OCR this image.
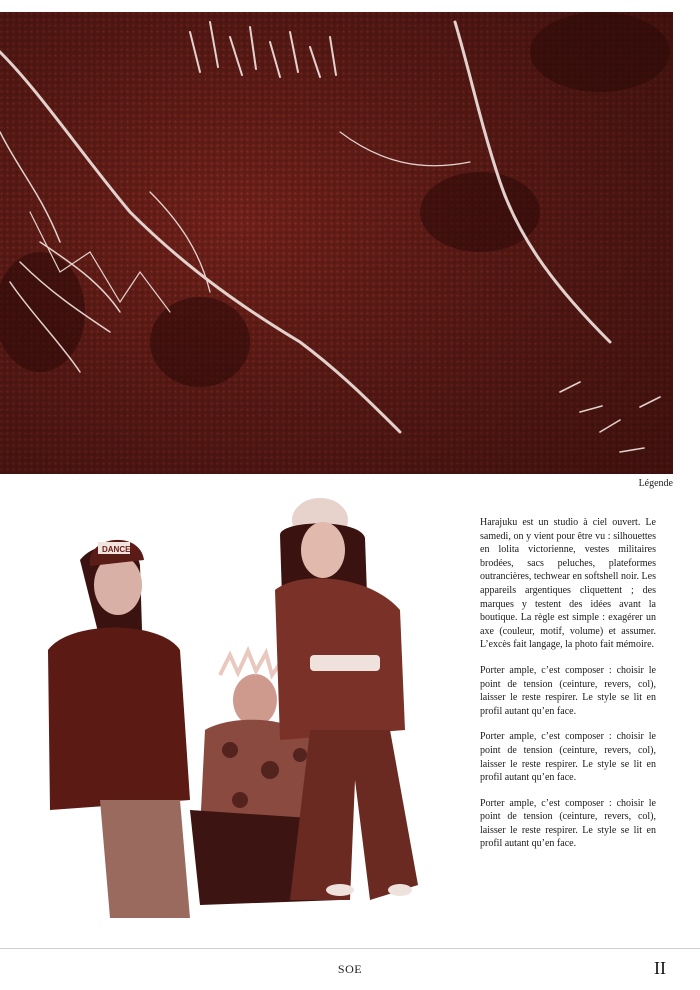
Légende
DANCER

Harajuku est un studio à ciel ouvert. Le samedi, on y vient pour être vu : silhouettes en lolita victorienne, vestes militaires brodées, sacs peluches, plateformes outrancières, techwear en softshell noir. Les appareils argentiques cliquettent ; des marques y testent des idées avant la boutique. La règle est simple : exagérer un axe (couleur, motif, volume) et assumer. L’excès fait langage, la photo fait mémoire.

Porter ample, c’est composer : choisir le point de tension (ceinture, revers, col), laisser le reste respirer. Le style se lit en profil autant qu’en face.

Porter ample, c’est composer : choisir le point de tension (ceinture, revers, col), laisser le reste respirer. Le style se lit en profil autant qu’en face.

Porter ample, c’est composer : choisir le point de tension (ceinture, revers, col), laisser le reste respirer. Le style se lit en profil autant qu’en face.

SOE	II
